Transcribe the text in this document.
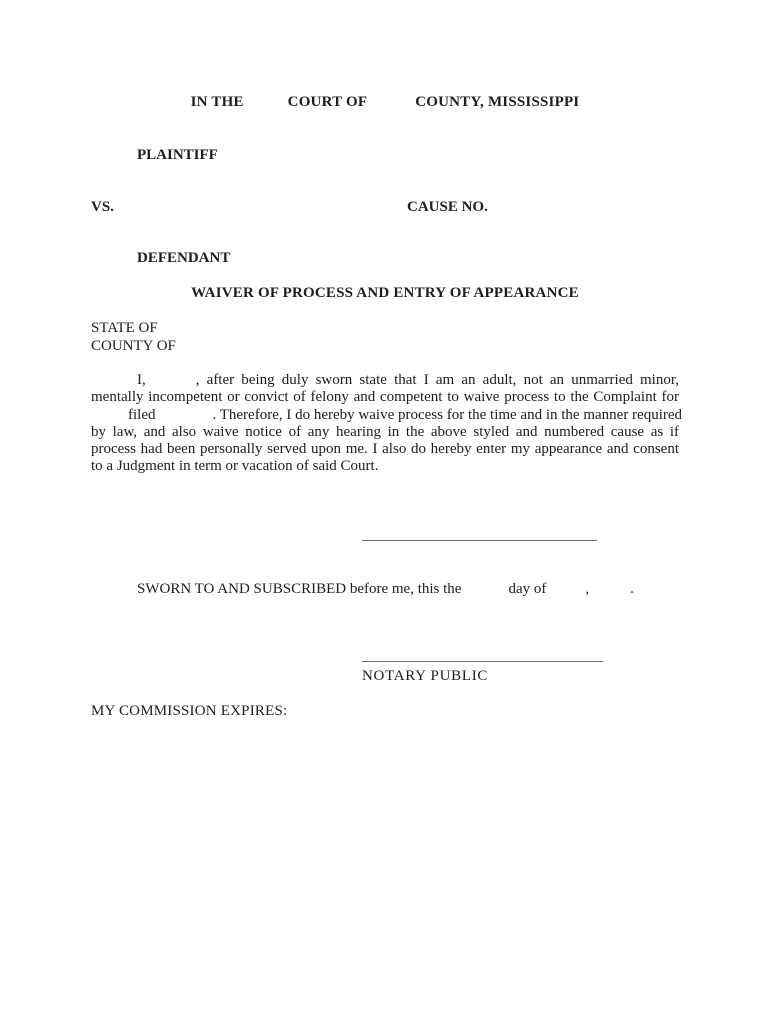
IN THE	COURT OF	COUNTY, MISSISSIPPI
PLAINTIFF
VS.	CAUSE NO.
DEFENDANT
WAIVER OF PROCESS AND ENTRY OF APPEARANCE
STATE OF
COUNTY OF
I,	, after being duly sworn state that I am an adult, not an unmarried minor,
mentally incompetent or convict of felony and competent to waive process to the Complaint for
filed	. Therefore, I do hereby waive process for the time and in the manner required
by law, and also waive notice of any hearing in the above styled and numbered cause as if
process had been personally served upon me. I also do hereby enter my appearance and consent
to a Judgment in term or vacation of said Court.
SWORN TO AND SUBSCRIBED before me, this the	day of	,	.
NOTARY PUBLIC
MY COMMISSION EXPIRES:
